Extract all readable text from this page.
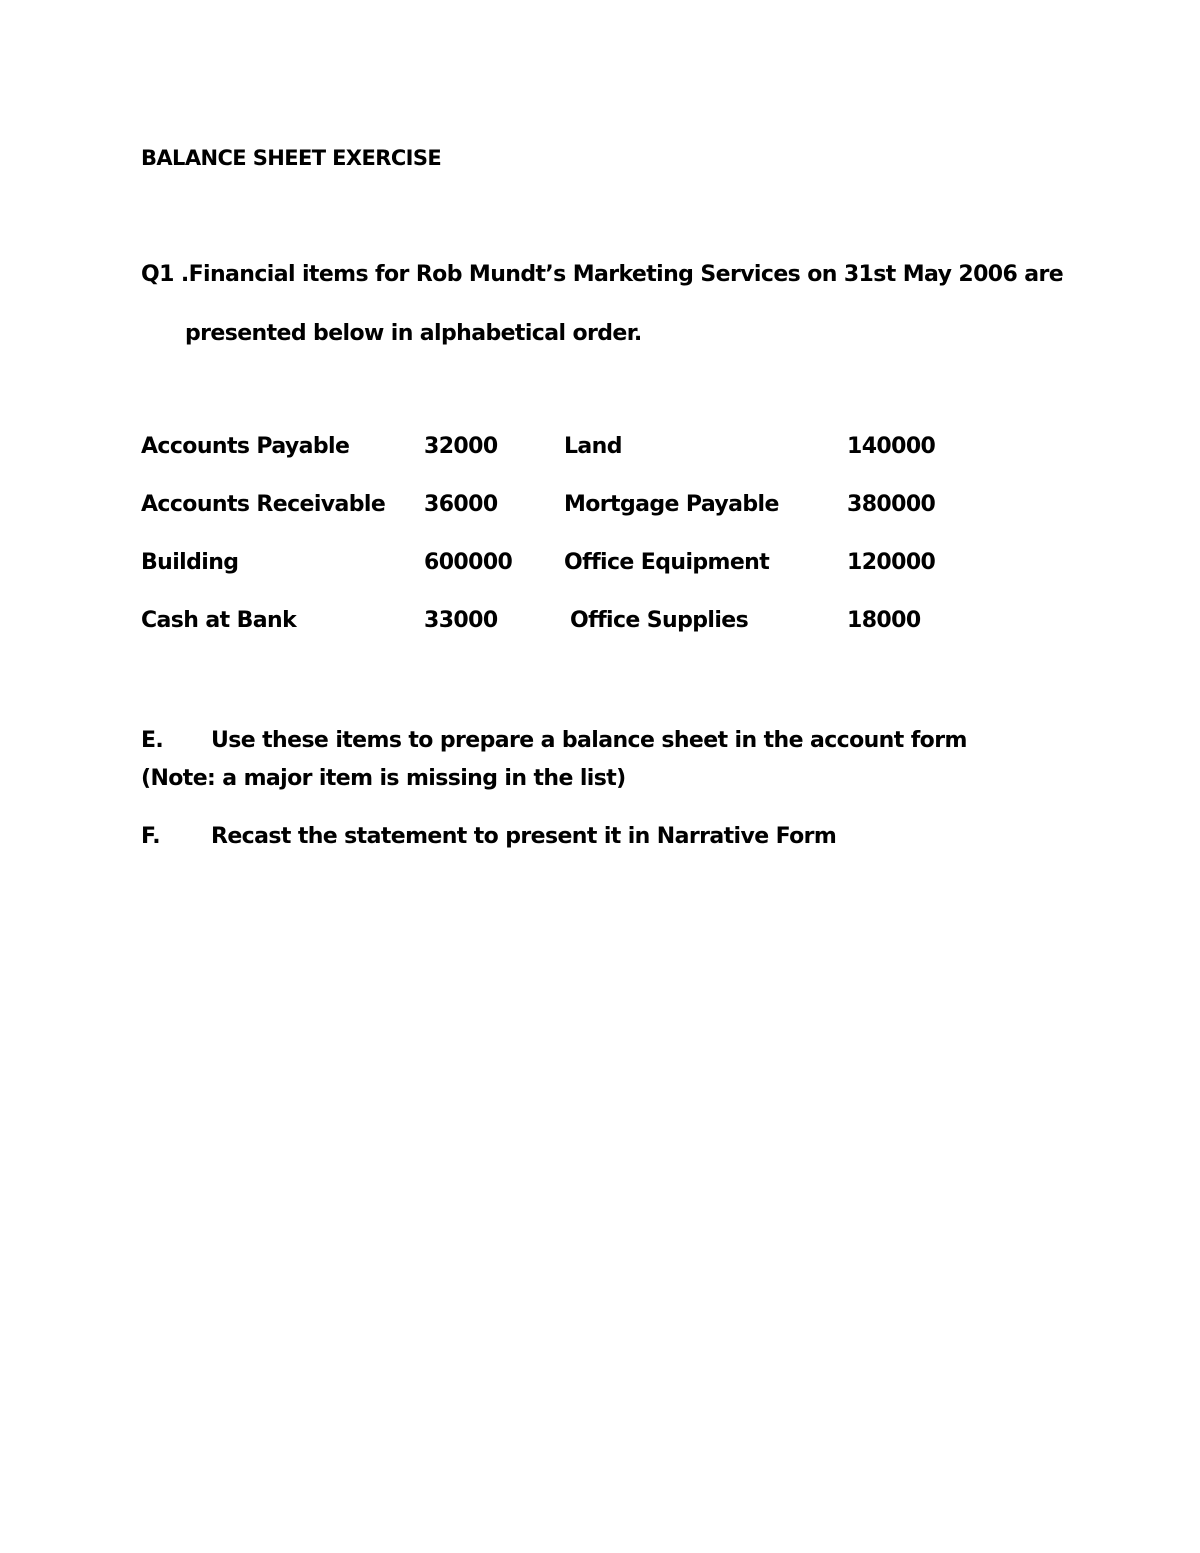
BALANCE SHEET EXERCISE
Q1 .Financial items for Rob Mundt’s Marketing Services on 31st May 2006 are
presented below in alphabetical order.
Accounts Payable	32000	Land	140000
Accounts Receivable 36000	Mortgage Payable	380000
Building	600000 Office Equipment	120000
Cash at Bank	33000	Office Supplies	18000
E. Use these items to prepare a balance sheet in the account form (Note: a major item is missing in the list)
F. Recast the statement to present it in Narrative Form
